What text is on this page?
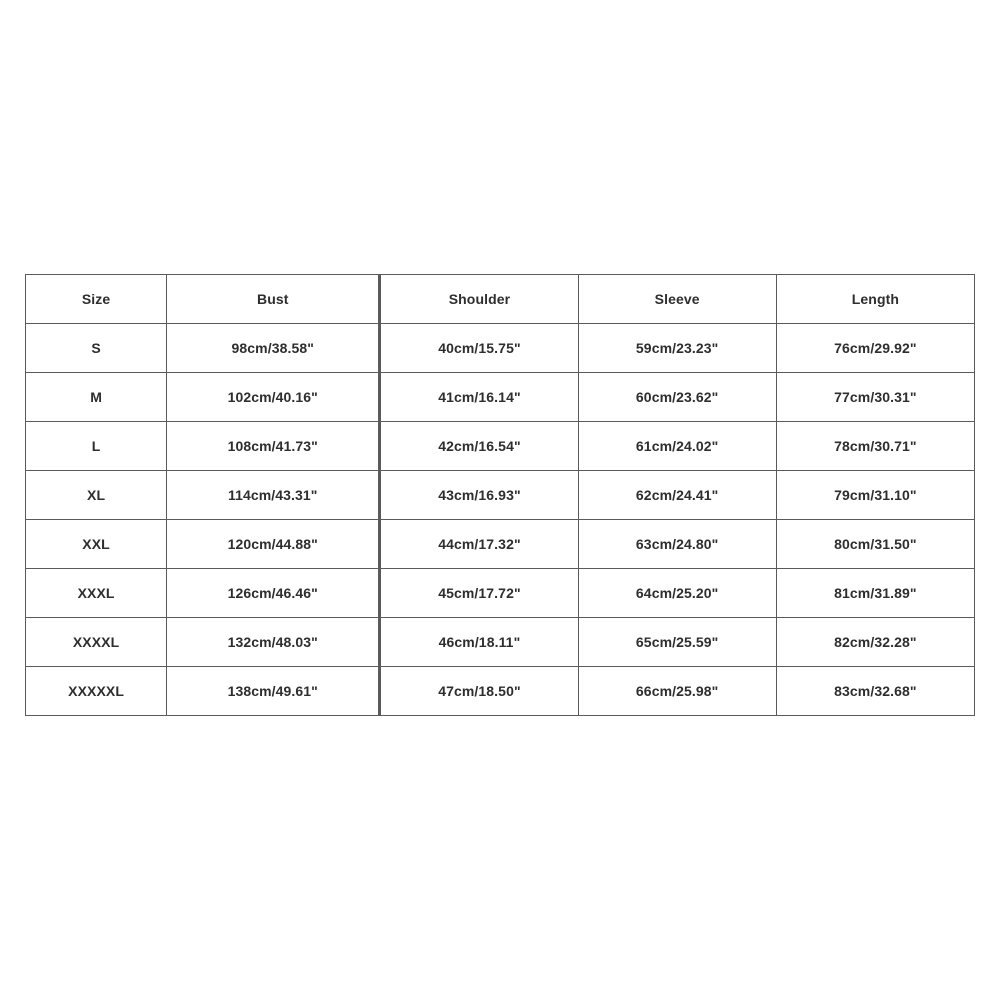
Size	Bust	Shoulder	Sleeve	Length
S	98cm/38.58"	40cm/15.75"	59cm/23.23"	76cm/29.92"
M	102cm/40.16"	41cm/16.14"	60cm/23.62"	77cm/30.31"
L	108cm/41.73"	42cm/16.54"	61cm/24.02"	78cm/30.71"
XL	114cm/43.31"	43cm/16.93"	62cm/24.41"	79cm/31.10"
XXL	120cm/44.88"	44cm/17.32"	63cm/24.80"	80cm/31.50"
XXXL	126cm/46.46"	45cm/17.72"	64cm/25.20"	81cm/31.89"
XXXXL	132cm/48.03"	46cm/18.11"	65cm/25.59"	82cm/32.28"
XXXXXL	138cm/49.61"	47cm/18.50"	66cm/25.98"	83cm/32.68"
